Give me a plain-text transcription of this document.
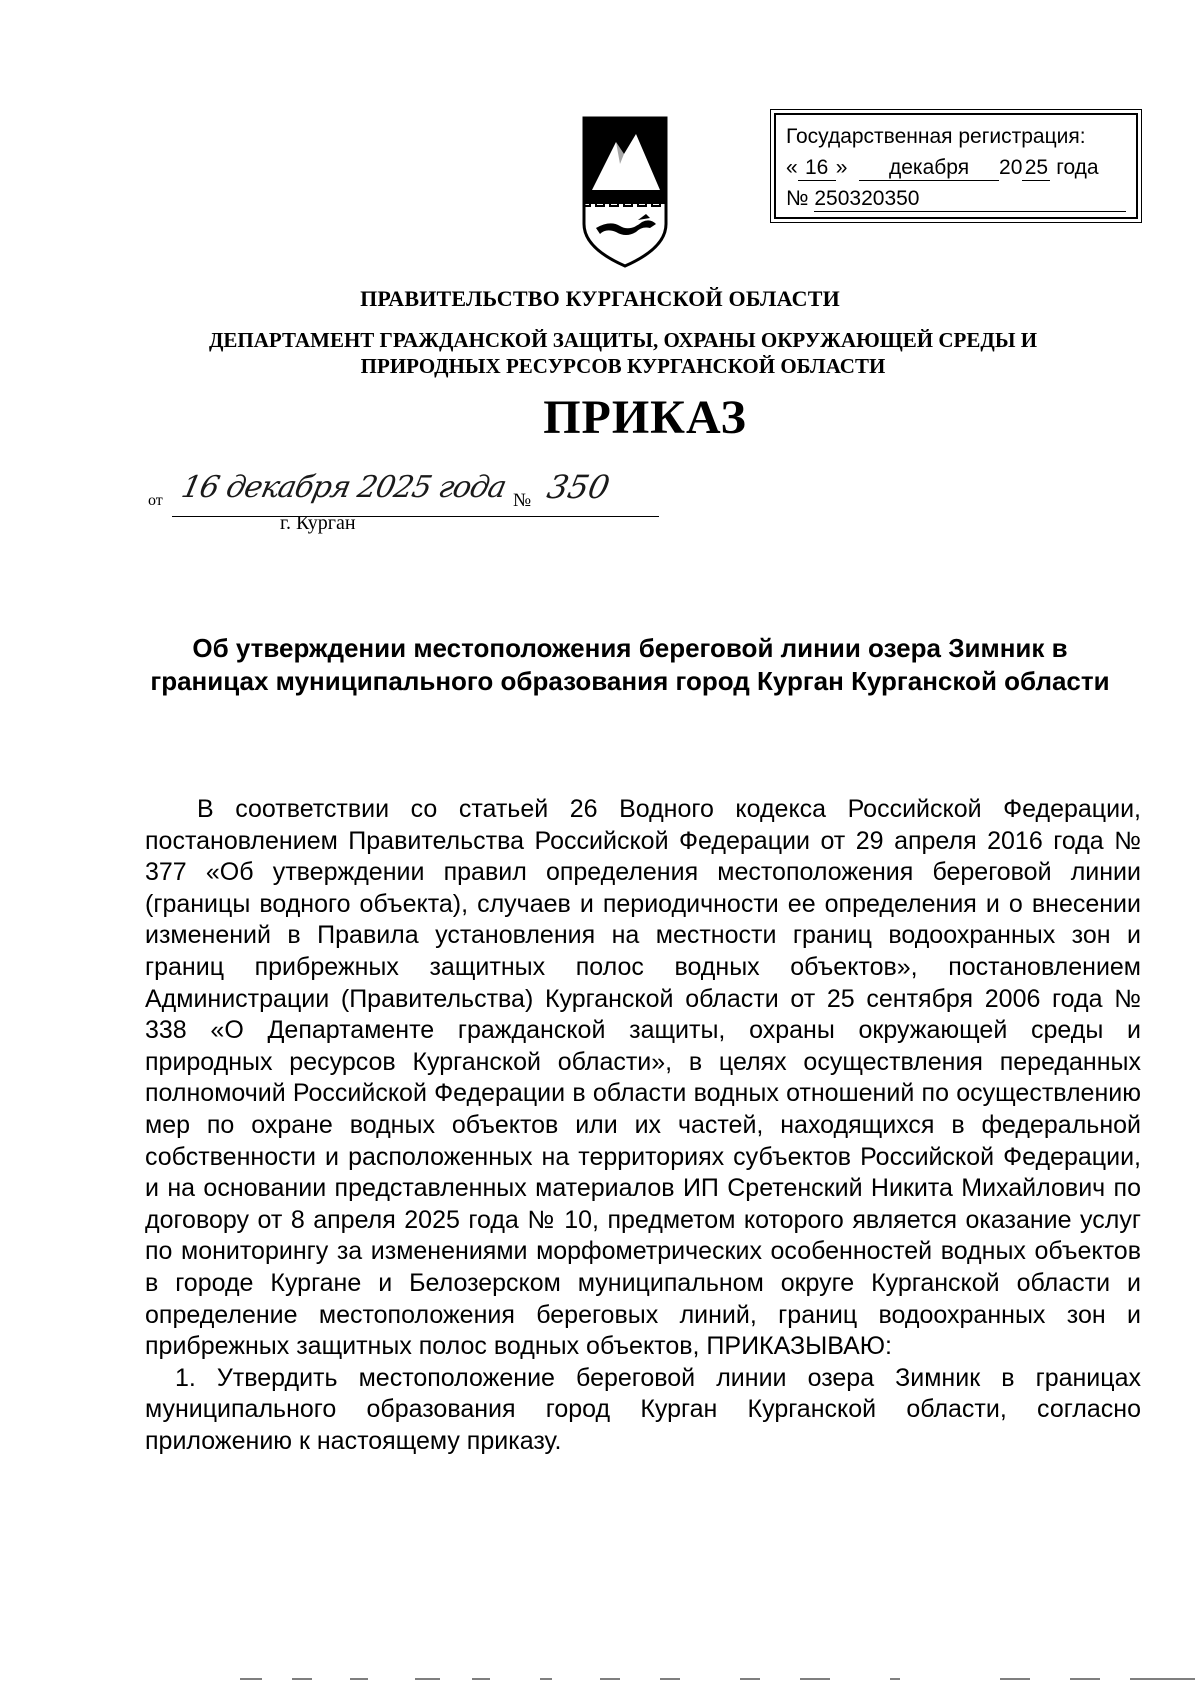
Государственная регистрация:
« 16 »  декабря 20 25 года
№ 250320350
ПРАВИТЕЛЬСТВО КУРГАНСКОЙ ОБЛАСТИ
ДЕПАРТАМЕНТ ГРАЖДАНСКОЙ ЗАЩИТЫ, ОХРАНЫ ОКРУЖАЮЩЕЙ СРЕДЫ И ПРИРОДНЫХ РЕСУРСОВ КУРГАНСКОЙ ОБЛАСТИ
ПРИКАЗ
от 16 декабря 2025 года № 350
г. Курган
Об утверждении местоположения береговой линии озера Зимник в границах муниципального образования город Курган Курганской области

В соответствии со статьей 26 Водного кодекса Российской Федерации, постановлением Правительства Российской Федерации от 29 апреля 2016 года № 377 «Об утверждении правил определения местоположения береговой линии (границы водного объекта), случаев и периодичности ее определения и о внесении изменений в Правила установления на местности границ водоохранных зон и границ прибрежных защитных полос водных объектов», постановлением Администрации (Правительства) Курганской области от 25 сентября 2006 года № 338 «О Департаменте гражданской защиты, охраны окружающей среды и природных ресурсов Курганской области», в целях осуществления переданных полномочий Российской Федерации в области водных отношений по осуществлению мер по охране водных объектов или их частей, находящихся в федеральной собственности и расположенных на территориях субъектов Российской Федерации, и на основании представленных материалов ИП Сретенский Никита Михайлович по договору от 8 апреля 2025 года № 10, предметом которого является оказание услуг по мониторингу за изменениями морфометрических особенностей водных объектов в городе Кургане и Белозерском муниципальном округе Курганской области и определение местоположения береговых линий, границ водоохранных зон и прибрежных защитных полос водных объектов, ПРИКАЗЫВАЮ:

1. Утвердить местоположение береговой линии озера Зимник в границах муниципального образования город Курган Курганской области, согласно приложению к настоящему приказу.
